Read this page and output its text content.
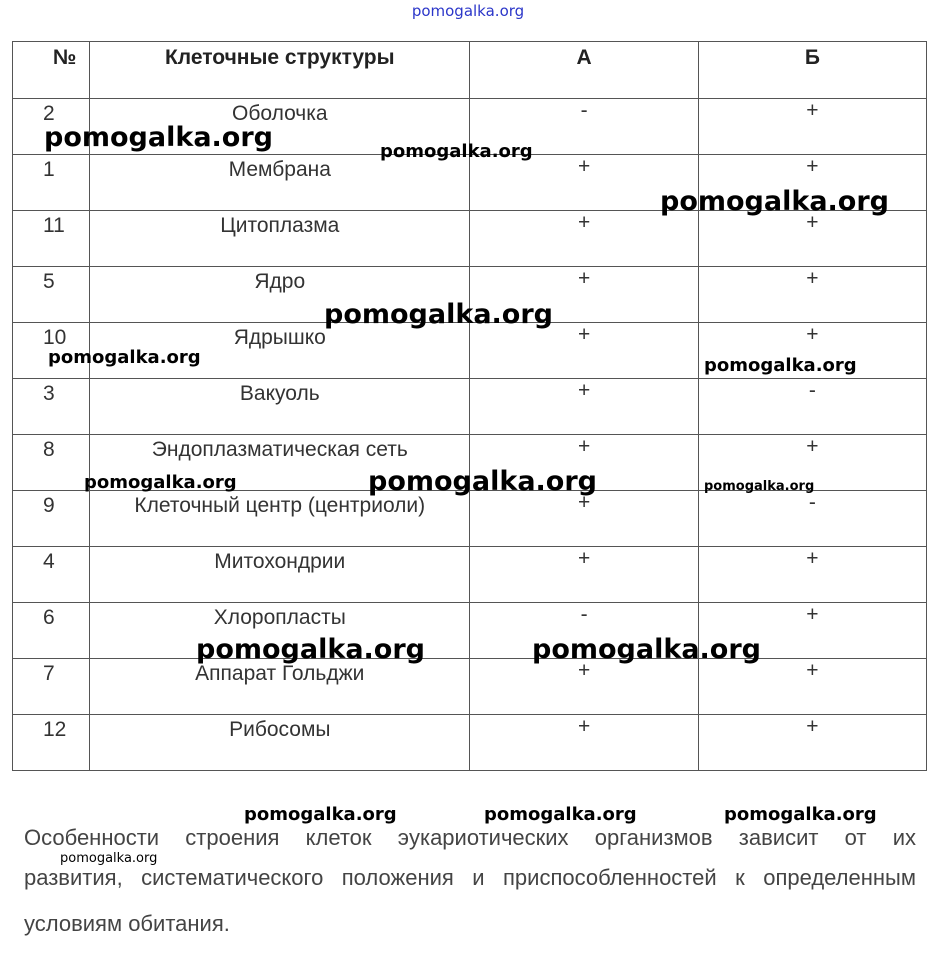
pomogalka.org
№	Клеточные структуры	А	Б

2	Оболочка	-	+

1	Мембрана	+	+

11	Цитоплазма	+	+

5	Ядро	+	+

10	Ядрышко	+	+

3	Вакуоль	+	-

8	Эндоплазматическая сеть	+	+

9	Клеточный центр (центриоли)	+	-

4	Митохондрии	+	+

6	Хлоропласты	-	+

7	Аппарат Гольджи	+	+

12	Рибосомы	+	+
Особенности строения клеток эукариотических организмов зависит от их
развития, систематического положения и приспособленностей к определенным
условиям обитания.
pomogalka.org	pomogalka.org
pomogalka.org
pomogalka.org
pomogalka.org	pomogalka.org
pomogalka.org	pomogalka.org	pomogalka.org
pomogalka.org	pomogalka.org
pomogalka.org	pomogalka.org	pomogalka.org
pomogalka.org
